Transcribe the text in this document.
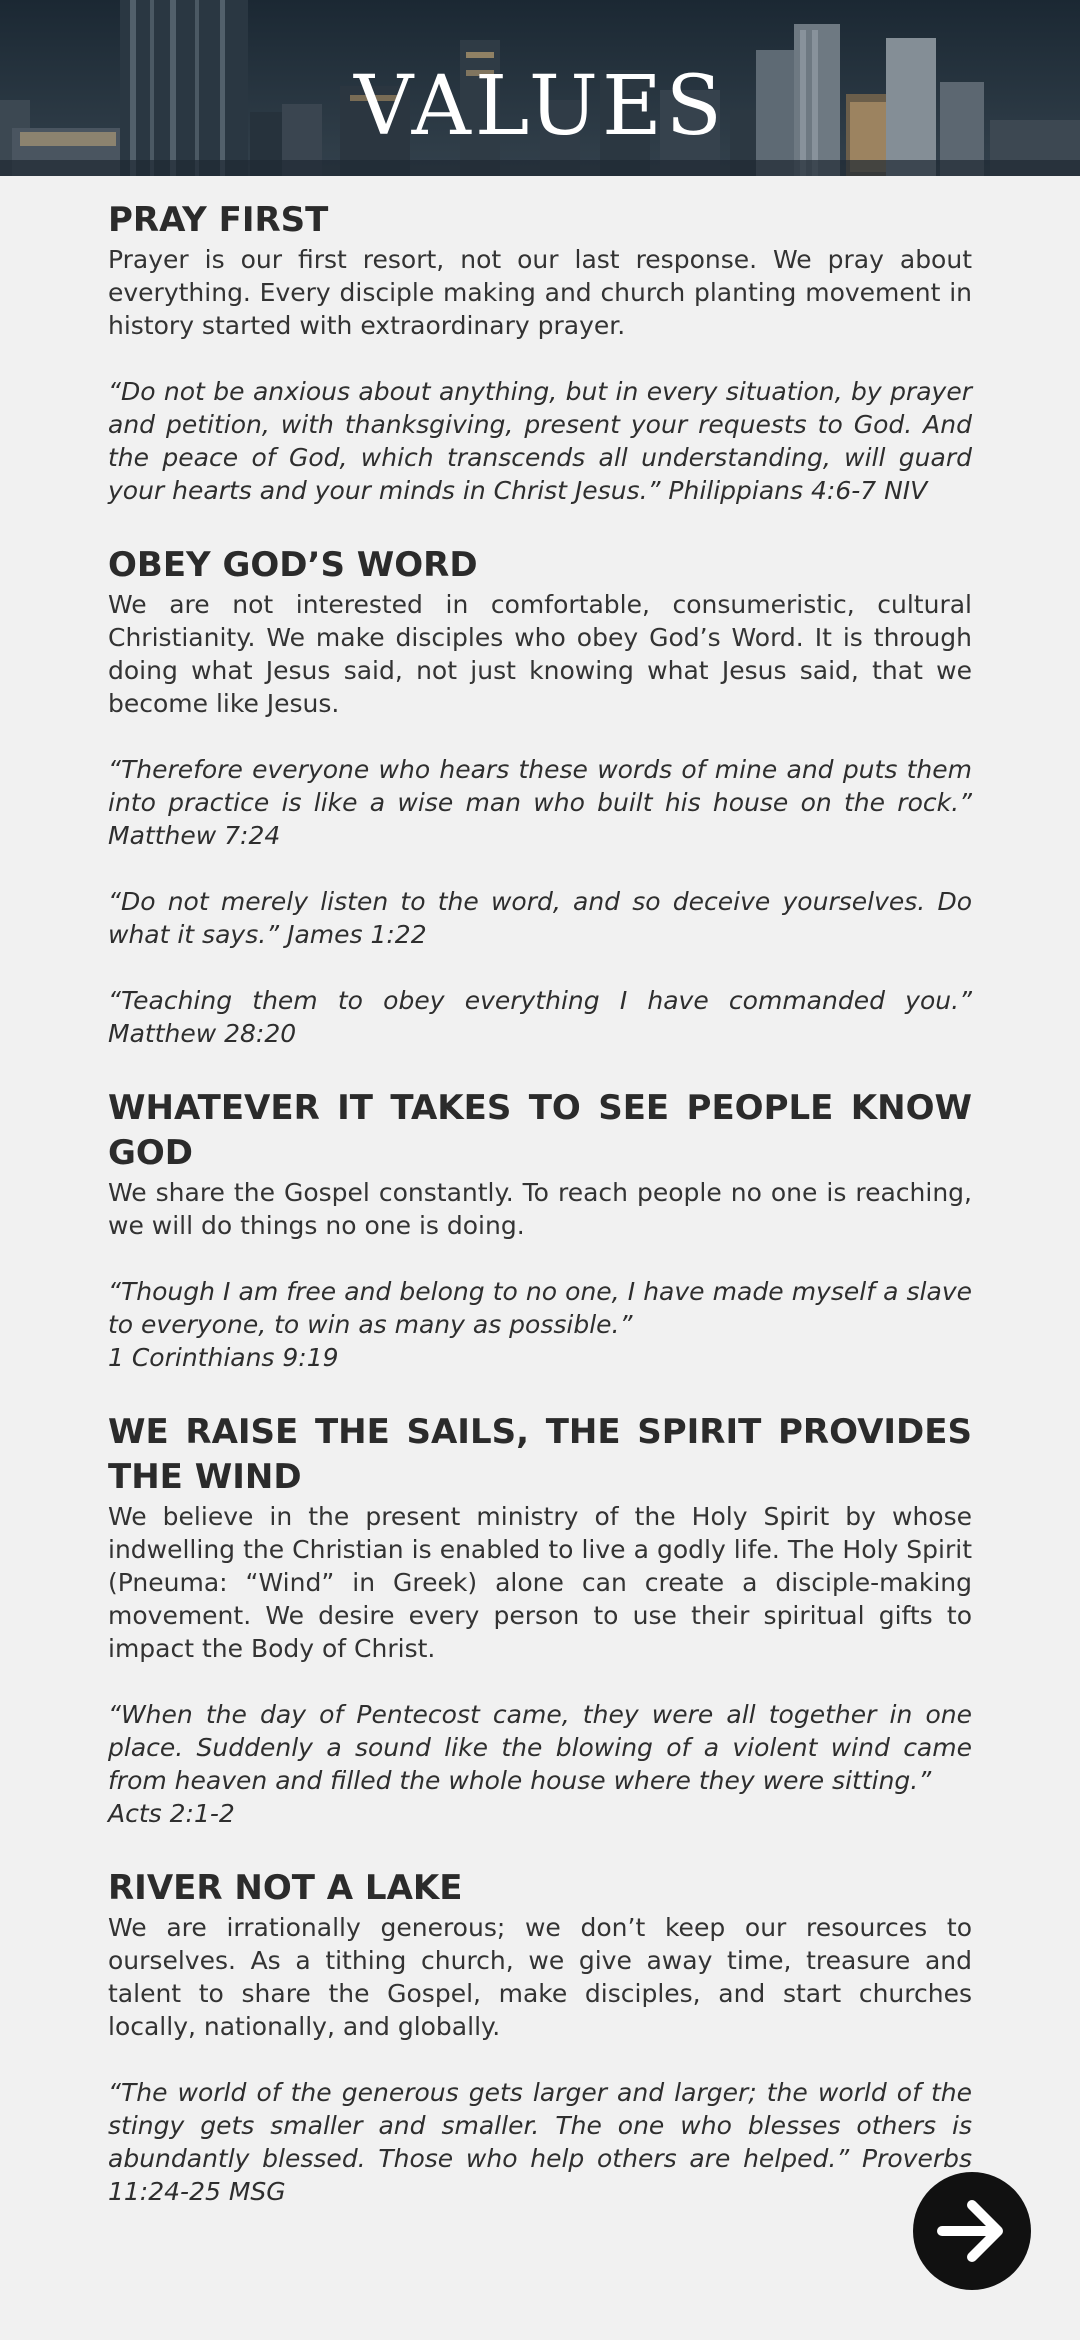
VALUES
PRAY FIRST

Prayer is our first resort, not our last response. We pray about everything. Every disciple making and church planting movement in history started with extraordinary prayer.

“Do not be anxious about anything, but in every situation, by prayer and petition, with thanksgiving, present your requests to God. And the peace of God, which transcends all understanding, will guard your hearts and your minds in Christ Jesus.” Philippians 4:6-7 NIV

OBEY GOD’S WORD

We are not interested in comfortable, consumeristic, cultural Christianity. We make disciples who obey God’s Word. It is through doing what Jesus said, not just knowing what Jesus said, that we become like Jesus.

“Therefore everyone who hears these words of mine and puts them into practice is like a wise man who built his house on the rock.” Matthew 7:24

“Do not merely listen to the word, and so deceive yourselves. Do what it says.” James 1:22

“Teaching them to obey everything I have commanded you.” Matthew 28:20

WHATEVER IT TAKES TO SEE PEOPLE KNOW GOD

We share the Gospel constantly. To reach people no one is reaching, we will do things no one is doing.

“Though I am free and belong to no one, I have made myself a slave to everyone, to win as many as possible.”
1 Corinthians 9:19

WE RAISE THE SAILS, THE SPIRIT PROVIDES THE WIND

We believe in the present ministry of the Holy Spirit by whose indwelling the Christian is enabled to live a godly life. The Holy Spirit (Pneuma: “Wind” in Greek) alone can create a disciple-making movement. We desire every person to use their spiritual gifts to impact the Body of Christ.

“When the day of Pentecost came, they were all together in one place. Suddenly a sound like the blowing of a violent wind came from heaven and filled the whole house where they were sitting.”
Acts 2:1-2

RIVER NOT A LAKE

We are irrationally generous; we don’t keep our resources to ourselves. As a tithing church, we give away time, treasure and talent to share the Gospel, make disciples, and start churches locally, nationally, and globally.

“The world of the generous gets larger and larger; the world of the stingy gets smaller and smaller. The one who blesses others is abundantly blessed. Those who help others are helped.” Proverbs 11:24-25 MSG
